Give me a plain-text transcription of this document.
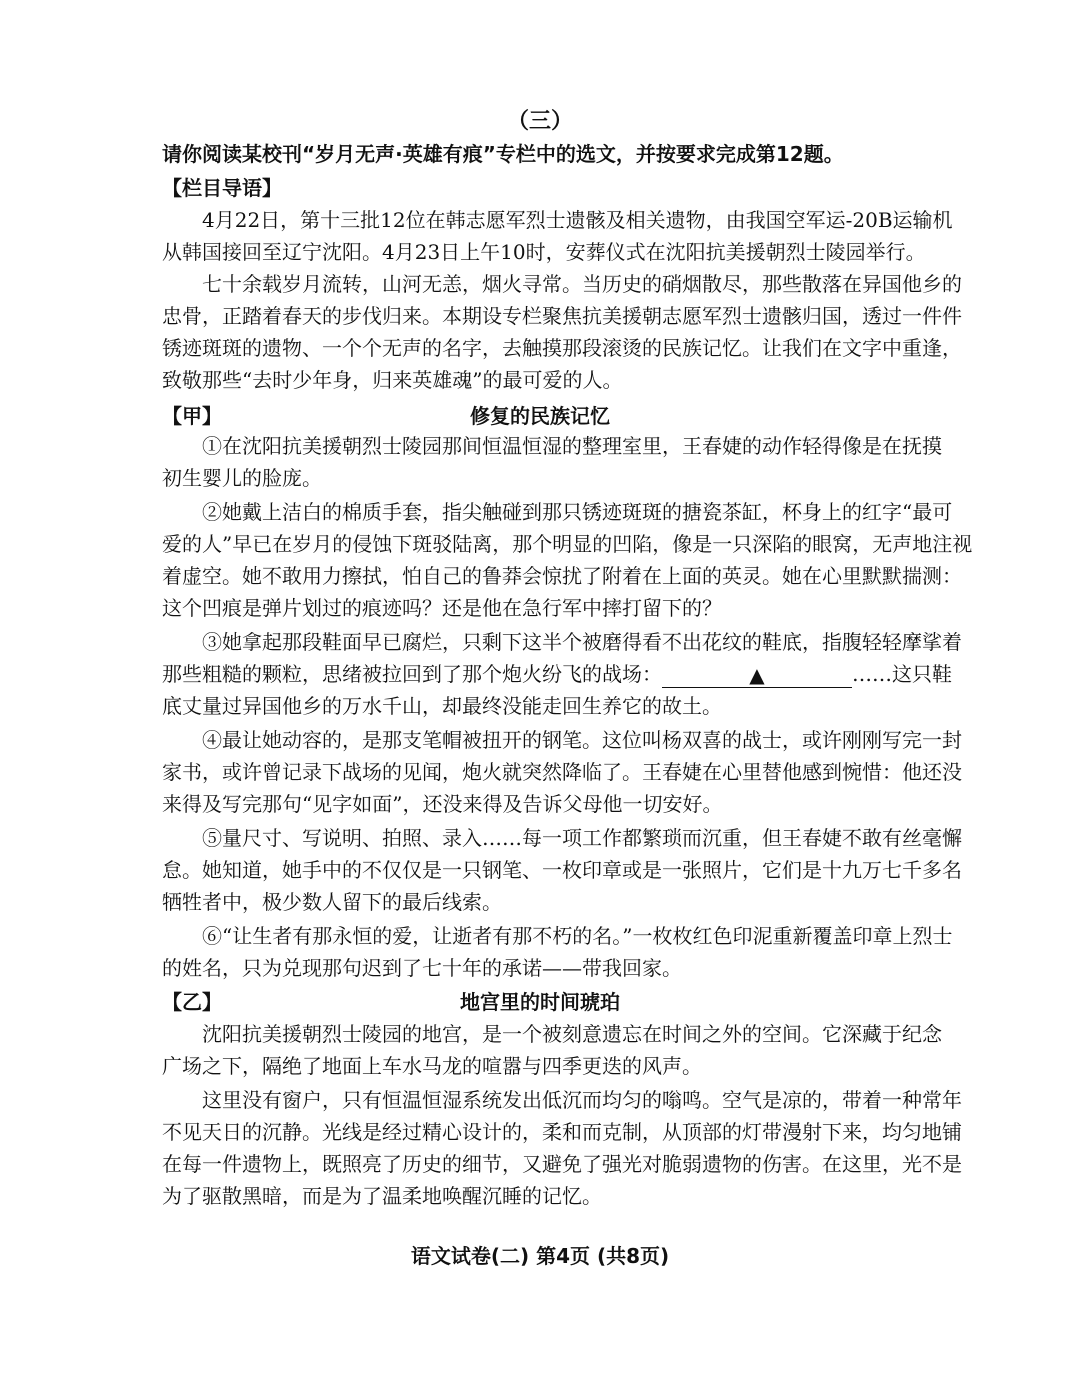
（三）
请你阅读某校刊“岁月无声·英雄有痕”专栏中的选文，并按要求完成第12题。
【栏目导语】
4月22日，第十三批12位在韩志愿军烈士遗骸及相关遗物，由我国空军运-20B运输机
从韩国接回至辽宁沈阳。4月23日上午10时，安葬仪式在沈阳抗美援朝烈士陵园举行。
七十余载岁月流转，山河无恙，烟火寻常。当历史的硝烟散尽，那些散落在异国他乡的
忠骨，正踏着春天的步伐归来。本期设专栏聚焦抗美援朝志愿军烈士遗骸归国，透过一件件
锈迹斑斑的遗物、一个个无声的名字，去触摸那段滚烫的民族记忆。让我们在文字中重逢，
致敬那些“去时少年身，归来英雄魂”的最可爱的人。
【甲】	修复的民族记忆
①在沈阳抗美援朝烈士陵园那间恒温恒湿的整理室里，王春婕的动作轻得像是在抚摸
初生婴儿的脸庞。
②她戴上洁白的棉质手套，指尖触碰到那只锈迹斑斑的搪瓷茶缸，杯身上的红字“最可
爱的人”早已在岁月的侵蚀下斑驳陆离，那个明显的凹陷，像是一只深陷的眼窝，无声地注视
着虚空。她不敢用力擦拭，怕自己的鲁莽会惊扰了附着在上面的英灵。她在心里默默揣测：
这个凹痕是弹片划过的痕迹吗？还是他在急行军中摔打留下的？
③她拿起那段鞋面早已腐烂，只剩下这半个被磨得看不出花纹的鞋底，指腹轻轻摩挲着
那些粗糙的颗粒，思绪被拉回到了那个炮火纷飞的战场：	▲	……这只鞋
底丈量过异国他乡的万水千山，却最终没能走回生养它的故土。
④最让她动容的，是那支笔帽被扭开的钢笔。这位叫杨双喜的战士，或许刚刚写完一封
家书，或许曾记录下战场的见闻，炮火就突然降临了。王春婕在心里替他感到惋惜：他还没
来得及写完那句“见字如面”，还没来得及告诉父母他一切安好。
⑤量尺寸、写说明、拍照、录入……每一项工作都繁琐而沉重，但王春婕不敢有丝毫懈
怠。她知道，她手中的不仅仅是一只钢笔、一枚印章或是一张照片，它们是十九万七千多名
牺牲者中，极少数人留下的最后线索。
⑥“让生者有那永恒的爱，让逝者有那不朽的名。”一枚枚红色印泥重新覆盖印章上烈士
的姓名，只为兑现那句迟到了七十年的承诺——带我回家。
【乙】	地宫里的时间琥珀
沈阳抗美援朝烈士陵园的地宫，是一个被刻意遗忘在时间之外的空间。它深藏于纪念
广场之下，隔绝了地面上车水马龙的喧嚣与四季更迭的风声。
这里没有窗户，只有恒温恒湿系统发出低沉而均匀的嗡鸣。空气是凉的，带着一种常年
不见天日的沉静。光线是经过精心设计的，柔和而克制，从顶部的灯带漫射下来，均匀地铺
在每一件遗物上，既照亮了历史的细节，又避免了强光对脆弱遗物的伤害。在这里，光不是
为了驱散黑暗，而是为了温柔地唤醒沉睡的记忆。
语文试卷(二) 第4页 (共8页)
